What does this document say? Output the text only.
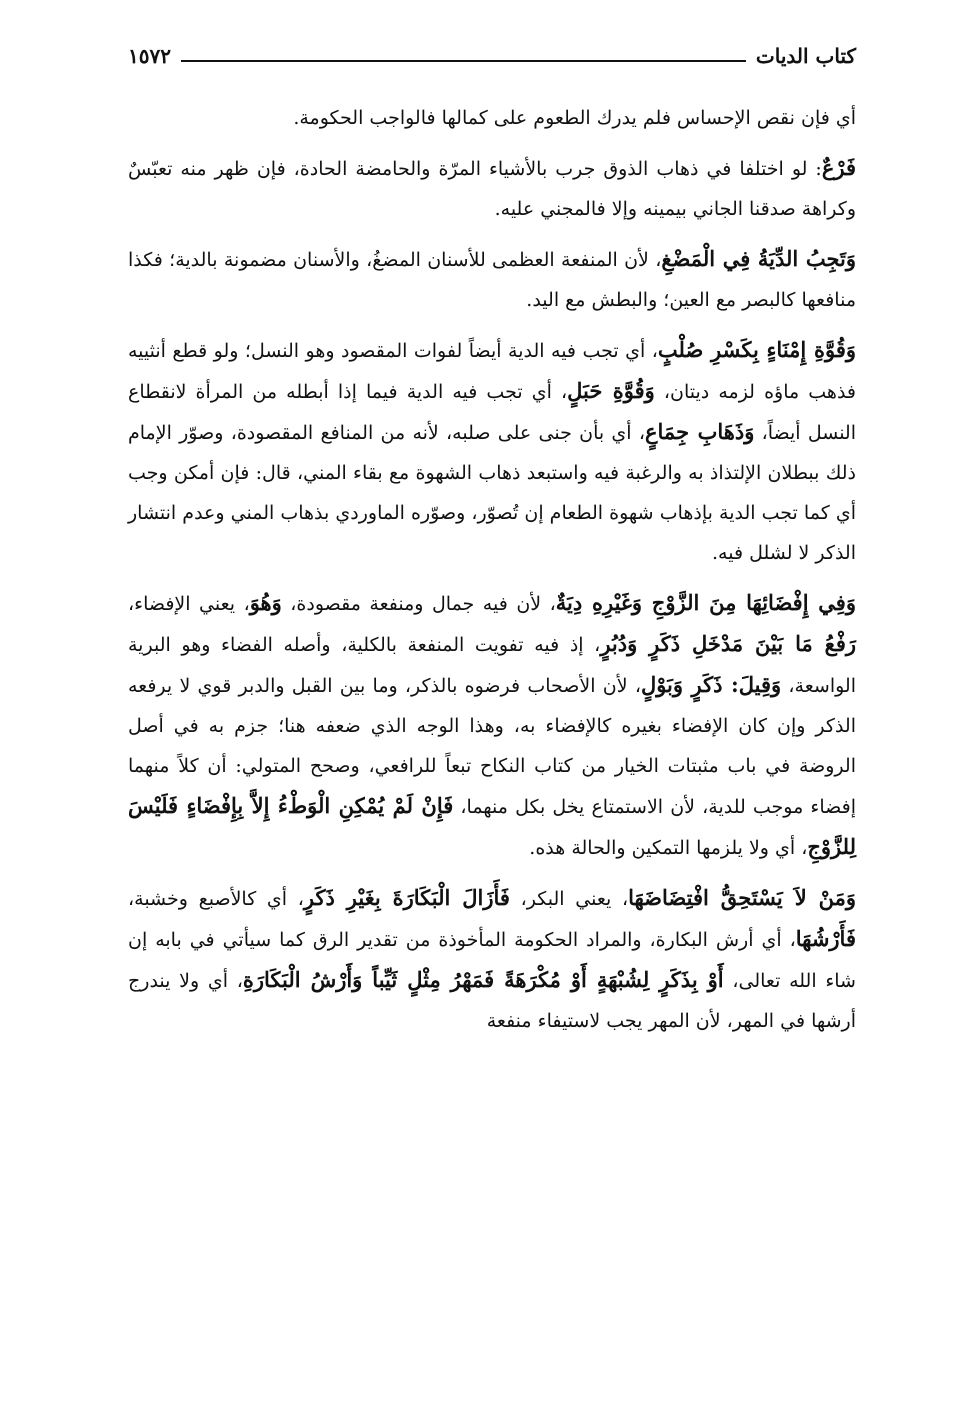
كتاب الديات
١٥٧٢

أي فإن نقص الإحساس فلم يدرك الطعوم على كمالها فالواجب الحكومة.

فَرْعٌ: لو اختلفا في ذهاب الذوق جرب بالأشياء المرّة والحامضة الحادة، فإن ظهر منه تعبّسٌ وكراهة صدقنا الجاني بيمينه وإلا فالمجني عليه.

وَتَجِبُ الدِّيَةُ فِي الْمَضْغِ، لأن المنفعة العظمى للأسنان المضغُ، والأسنان مضمونة بالدية؛ فكذا منافعها كالبصر مع العين؛ والبطش مع اليد.

وَقُوَّةِ إِمْنَاءٍ بِكَسْرِ صُلْبٍ، أي تجب فيه الدية أيضاً لفوات المقصود وهو النسل؛ ولو قطع أنثييه فذهب ماؤه لزمه ديتان، وَقُوَّةِ حَبَلٍ، أي تجب فيه الدية فيما إذا أبطله من المرأة لانقطاع النسل أيضاً، وَذَهَابِ جِمَاعٍ، أي بأن جنى على صلبه، لأنه من المنافع المقصودة، وصوّر الإمام ذلك ببطلان الإلتذاذ به والرغبة فيه واستبعد ذهاب الشهوة مع بقاء المني، قال: فإن أمكن وجب أي كما تجب الدية بإذهاب شهوة الطعام إن تُصوّر، وصوّره الماوردي بذهاب المني وعدم انتشار الذكر لا لشلل فيه.

وَفِي إِفْضَائِهَا مِنَ الزَّوْجِ وَغَيْرِهِ دِيَةٌ، لأن فيه جمال ومنفعة مقصودة، وَهُوَ، يعني الإفضاء، رَفْعُ مَا بَيْنَ مَدْخَلِ ذَكَرٍ وَدُبُرٍ، إذ فيه تفويت المنفعة بالكلية، وأصله الفضاء وهو البرية الواسعة، وَقِيلَ: ذَكَرٍ وَبَوْلٍ، لأن الأصحاب فرضوه بالذكر، وما بين القبل والدبر قوي لا يرفعه الذكر وإن كان الإفضاء بغيره كالإفضاء به، وهذا الوجه الذي ضعفه هنا؛ جزم به في أصل الروضة في باب مثبتات الخيار من كتاب النكاح تبعاً للرافعي، وصحح المتولي: أن كلاً منهما إفضاء موجب للدية، لأن الاستمتاع يخل بكل منهما، فَإِنْ لَمْ يُمْكِنِ الْوَطْءُ إِلاَّ بِإِفْضَاءٍ فَلَيْسَ لِلزَّوْجِ، أي ولا يلزمها التمكين والحالة هذه.

وَمَنْ لاَ يَسْتَحِقُّ افْتِضَاضَهَا، يعني البكر، فَأَزَالَ الْبَكَارَةَ بِغَيْرِ ذَكَرٍ، أي كالأصبع وخشبة، فَأَرْشُهَا، أي أرش البكارة، والمراد الحكومة المأخوذة من تقدير الرق كما سيأتي في بابه إن شاء الله تعالى، أَوْ بِذَكَرٍ لِشُبْهَةٍ أَوْ مُكْرَهَةً فَمَهْرُ مِثْلٍ ثَيِّباً وَأَرْشُ الْبَكَارَةِ، أي ولا يندرج أرشها في المهر، لأن المهر يجب لاستيفاء منفعة
